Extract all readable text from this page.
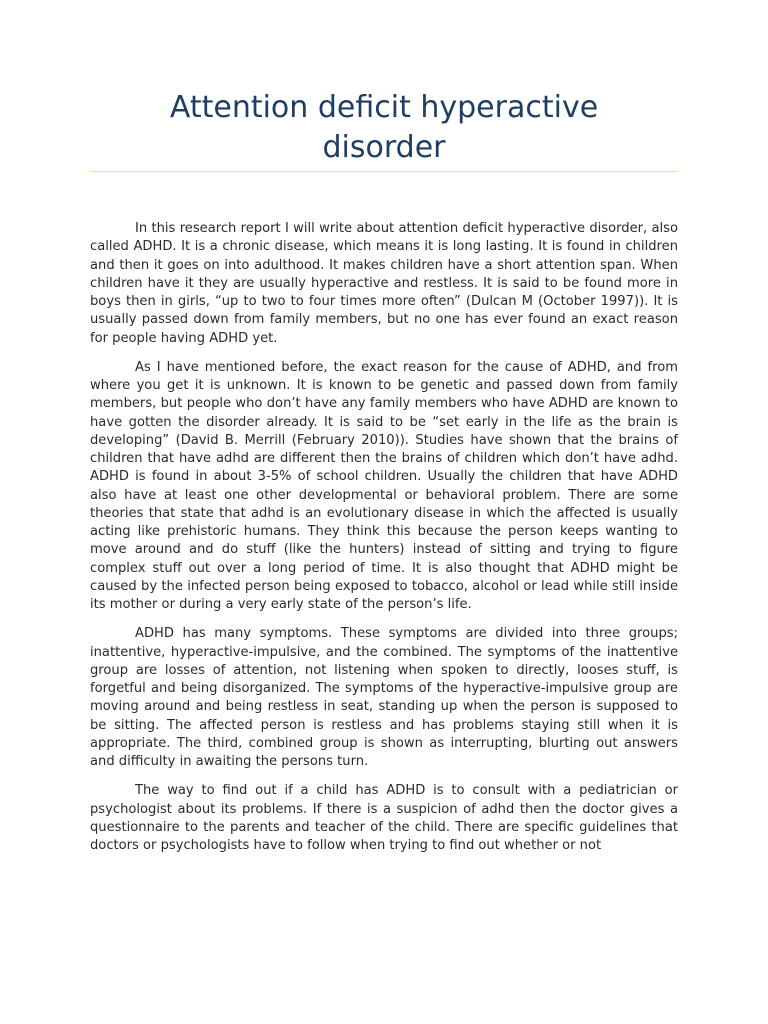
Attention deficit hyperactive
disorder

In this research report I will write about attention deficit hyperactive disorder, also called ADHD. It is a chronic disease, which means it is long lasting. It is found in children and then it goes on into adulthood. It makes children have a short attention span. When children have it they are usually hyperactive and restless. It is said to be found more in boys then in girls, “up to two to four times more often” (Dulcan M (October 1997)). It is usually passed down from family members, but no one has ever found an exact reason for people having ADHD yet.

As I have mentioned before, the exact reason for the cause of ADHD, and from where you get it is unknown. It is known to be genetic and passed down from family members, but people who don’t have any family members who have ADHD are known to have gotten the disorder already. It is said to be “set early in the life as the brain is developing” (David B. Merrill (February 2010)). Studies have shown that the brains of children that have adhd are different then the brains of children which don’t have adhd. ADHD is found in about 3-5% of school children. Usually the children that have ADHD also have at least one other developmental or behavioral problem. There are some theories that state that adhd is an evolutionary disease in which the affected is usually acting like prehistoric humans. They think this because the person keeps wanting to move around and do stuff (like the hunters) instead of sitting and trying to figure complex stuff out over a long period of time. It is also thought that ADHD might be caused by the infected person being exposed to tobacco, alcohol or lead while still inside its mother or during a very early state of the person’s life.

ADHD has many symptoms. These symptoms are divided into three groups; inattentive, hyperactive-impulsive, and the combined. The symptoms of the inattentive group are losses of attention, not listening when spoken to directly, looses stuff, is forgetful and being disorganized. The symptoms of the hyperactive-impulsive group are moving around and being restless in seat, standing up when the person is supposed to be sitting. The affected person is restless and has problems staying still when it is appropriate. The third, combined group is shown as interrupting, blurting out answers and difficulty in awaiting the persons turn.

The way to find out if a child has ADHD is to consult with a pediatrician or psychologist about its problems. If there is a suspicion of adhd then the doctor gives a questionnaire to the parents and teacher of the child. There are specific guidelines that doctors or psychologists have to follow when trying to find out whether or not
